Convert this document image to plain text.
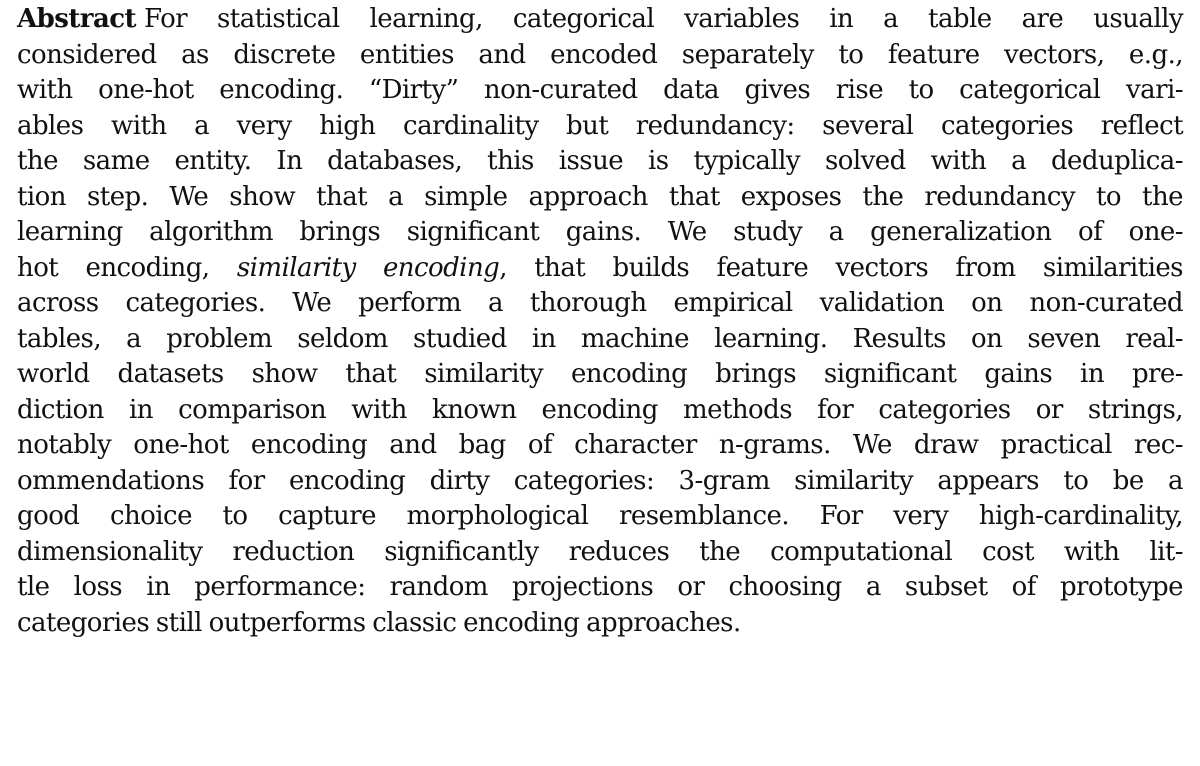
Abstract For statistical learning, categorical variables in a table are usually
considered as discrete entities and encoded separately to feature vectors, e.g.,
with one-hot encoding. “Dirty” non-curated data gives rise to categorical vari-
ables with a very high cardinality but redundancy: several categories reflect
the same entity. In databases, this issue is typically solved with a deduplica-
tion step. We show that a simple approach that exposes the redundancy to the
learning algorithm brings significant gains. We study a generalization of one-
hot encoding, similarity encoding, that builds feature vectors from similarities
across categories. We perform a thorough empirical validation on non-curated
tables, a problem seldom studied in machine learning. Results on seven real-
world datasets show that similarity encoding brings significant gains in pre-
diction in comparison with known encoding methods for categories or strings,
notably one-hot encoding and bag of character n-grams. We draw practical rec-
ommendations for encoding dirty categories: 3-gram similarity appears to be a
good choice to capture morphological resemblance. For very high-cardinality,
dimensionality reduction significantly reduces the computational cost with lit-
tle loss in performance: random projections or choosing a subset of prototype
categories still outperforms classic encoding approaches.
